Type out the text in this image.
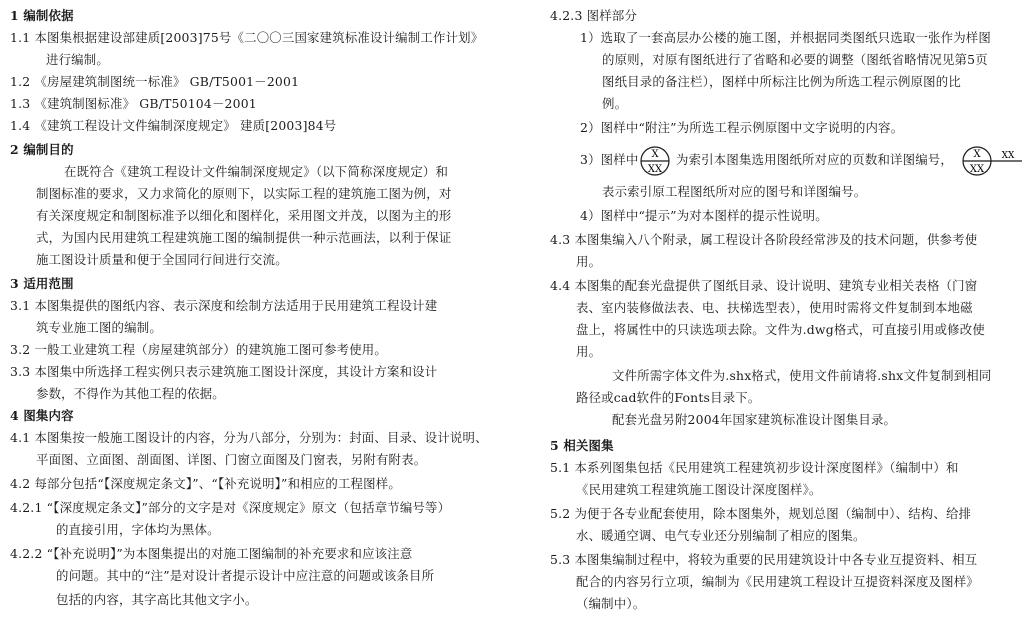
1 编制依据
1.1 本图集根据建设部建质[2003]75号《二〇〇三国家建筑标准设计编制工作计划》
进行编制。
1.2 《房屋建筑制图统一标准》 GB/T5001－2001
1.3 《建筑制图标准》 GB/T50104－2001
1.4 《建筑工程设计文件编制深度规定》 建质[2003]84号
2 编制目的
在既符合《建筑工程设计文件编制深度规定》（以下简称深度规定）和
制图标准的要求，又力求简化的原则下，以实际工程的建筑施工图为例，对
有关深度规定和制图标准予以细化和图样化，采用图文并茂，以图为主的形
式，为国内民用建筑工程建筑施工图的编制提供一种示范画法，以利于保证
施工图设计质量和便于全国同行间进行交流。
3 适用范围
3.1 本图集提供的图纸内容、表示深度和绘制方法适用于民用建筑工程设计建
筑专业施工图的编制。
3.2 一般工业建筑工程（房屋建筑部分）的建筑施工图可参考使用。
3.3 本图集中所选择工程实例只表示建筑施工图设计深度，其设计方案和设计
参数，不得作为其他工程的依据。
4 图集内容
4.1 本图集按一般施工图设计的内容，分为八部分，分别为：封面、目录、设计说明、
平面图、立面图、剖面图、详图、门窗立面图及门窗表，另附有附表。
4.2 每部分包括“【深度规定条文】”、“【补充说明】”和相应的工程图样。
4.2.1 “【深度规定条文】”部分的文字是对《深度规定》原文（包括章节编号等）
的直接引用，字体均为黑体。
4.2.2 “【补充说明】”为本图集提出的对施工图编制的补充要求和应该注意
的问题。其中的“注”是对设计者提示设计中应注意的问题或该条目所
包括的内容，其字高比其他文字小。
4.2.3 图样部分
1）选取了一套高层办公楼的施工图，并根据同类图纸只选取一张作为样图
的原则，对原有图纸进行了省略和必要的调整（图纸省略情况见第5页
图纸目录的备注栏），图样中所标注比例为所选工程示例原图的比
例。
2）图样中“附注”为所选工程示例原图中文字说明的内容。
3）图样中	为索引本图集选用图纸所对应的页数和详图编号，
表示索引原工程图纸所对应的图号和详图编号。
4）图样中“提示”为对本图样的提示性说明。
4.3 本图集编入八个附录，属工程设计各阶段经常涉及的技术问题，供参考使
用。
4.4 本图集的配套光盘提供了图纸目录、设计说明、建筑专业相关表格（门窗
表、室内装修做法表、电、扶梯选型表），使用时需将文件复制到本地磁
盘上，将属性中的只读选项去除。文件为.dwg格式，可直接引用或修改使
用。
文件所需字体文件为.shx格式，使用文件前请将.shx文件复制到相同
路径或cad软件的Fonts目录下。
配套光盘另附2004年国家建筑标准设计图集目录。
5 相关图集
5.1 本系列图集包括《民用建筑工程建筑初步设计深度图样》（编制中）和
《民用建筑工程建筑施工图设计深度图样》。
5.2 为便于各专业配套使用，除本图集外，规划总图（编制中）、结构、给排
水、暖通空调、电气专业还分别编制了相应的图集。
5.3 本图集编制过程中，将较为重要的民用建筑设计中各专业互提资料、相互
配合的内容另行立项，编制为《民用建筑工程设计互提资料深度及图样》
（编制中）。
X
XX
X
XX
XX
